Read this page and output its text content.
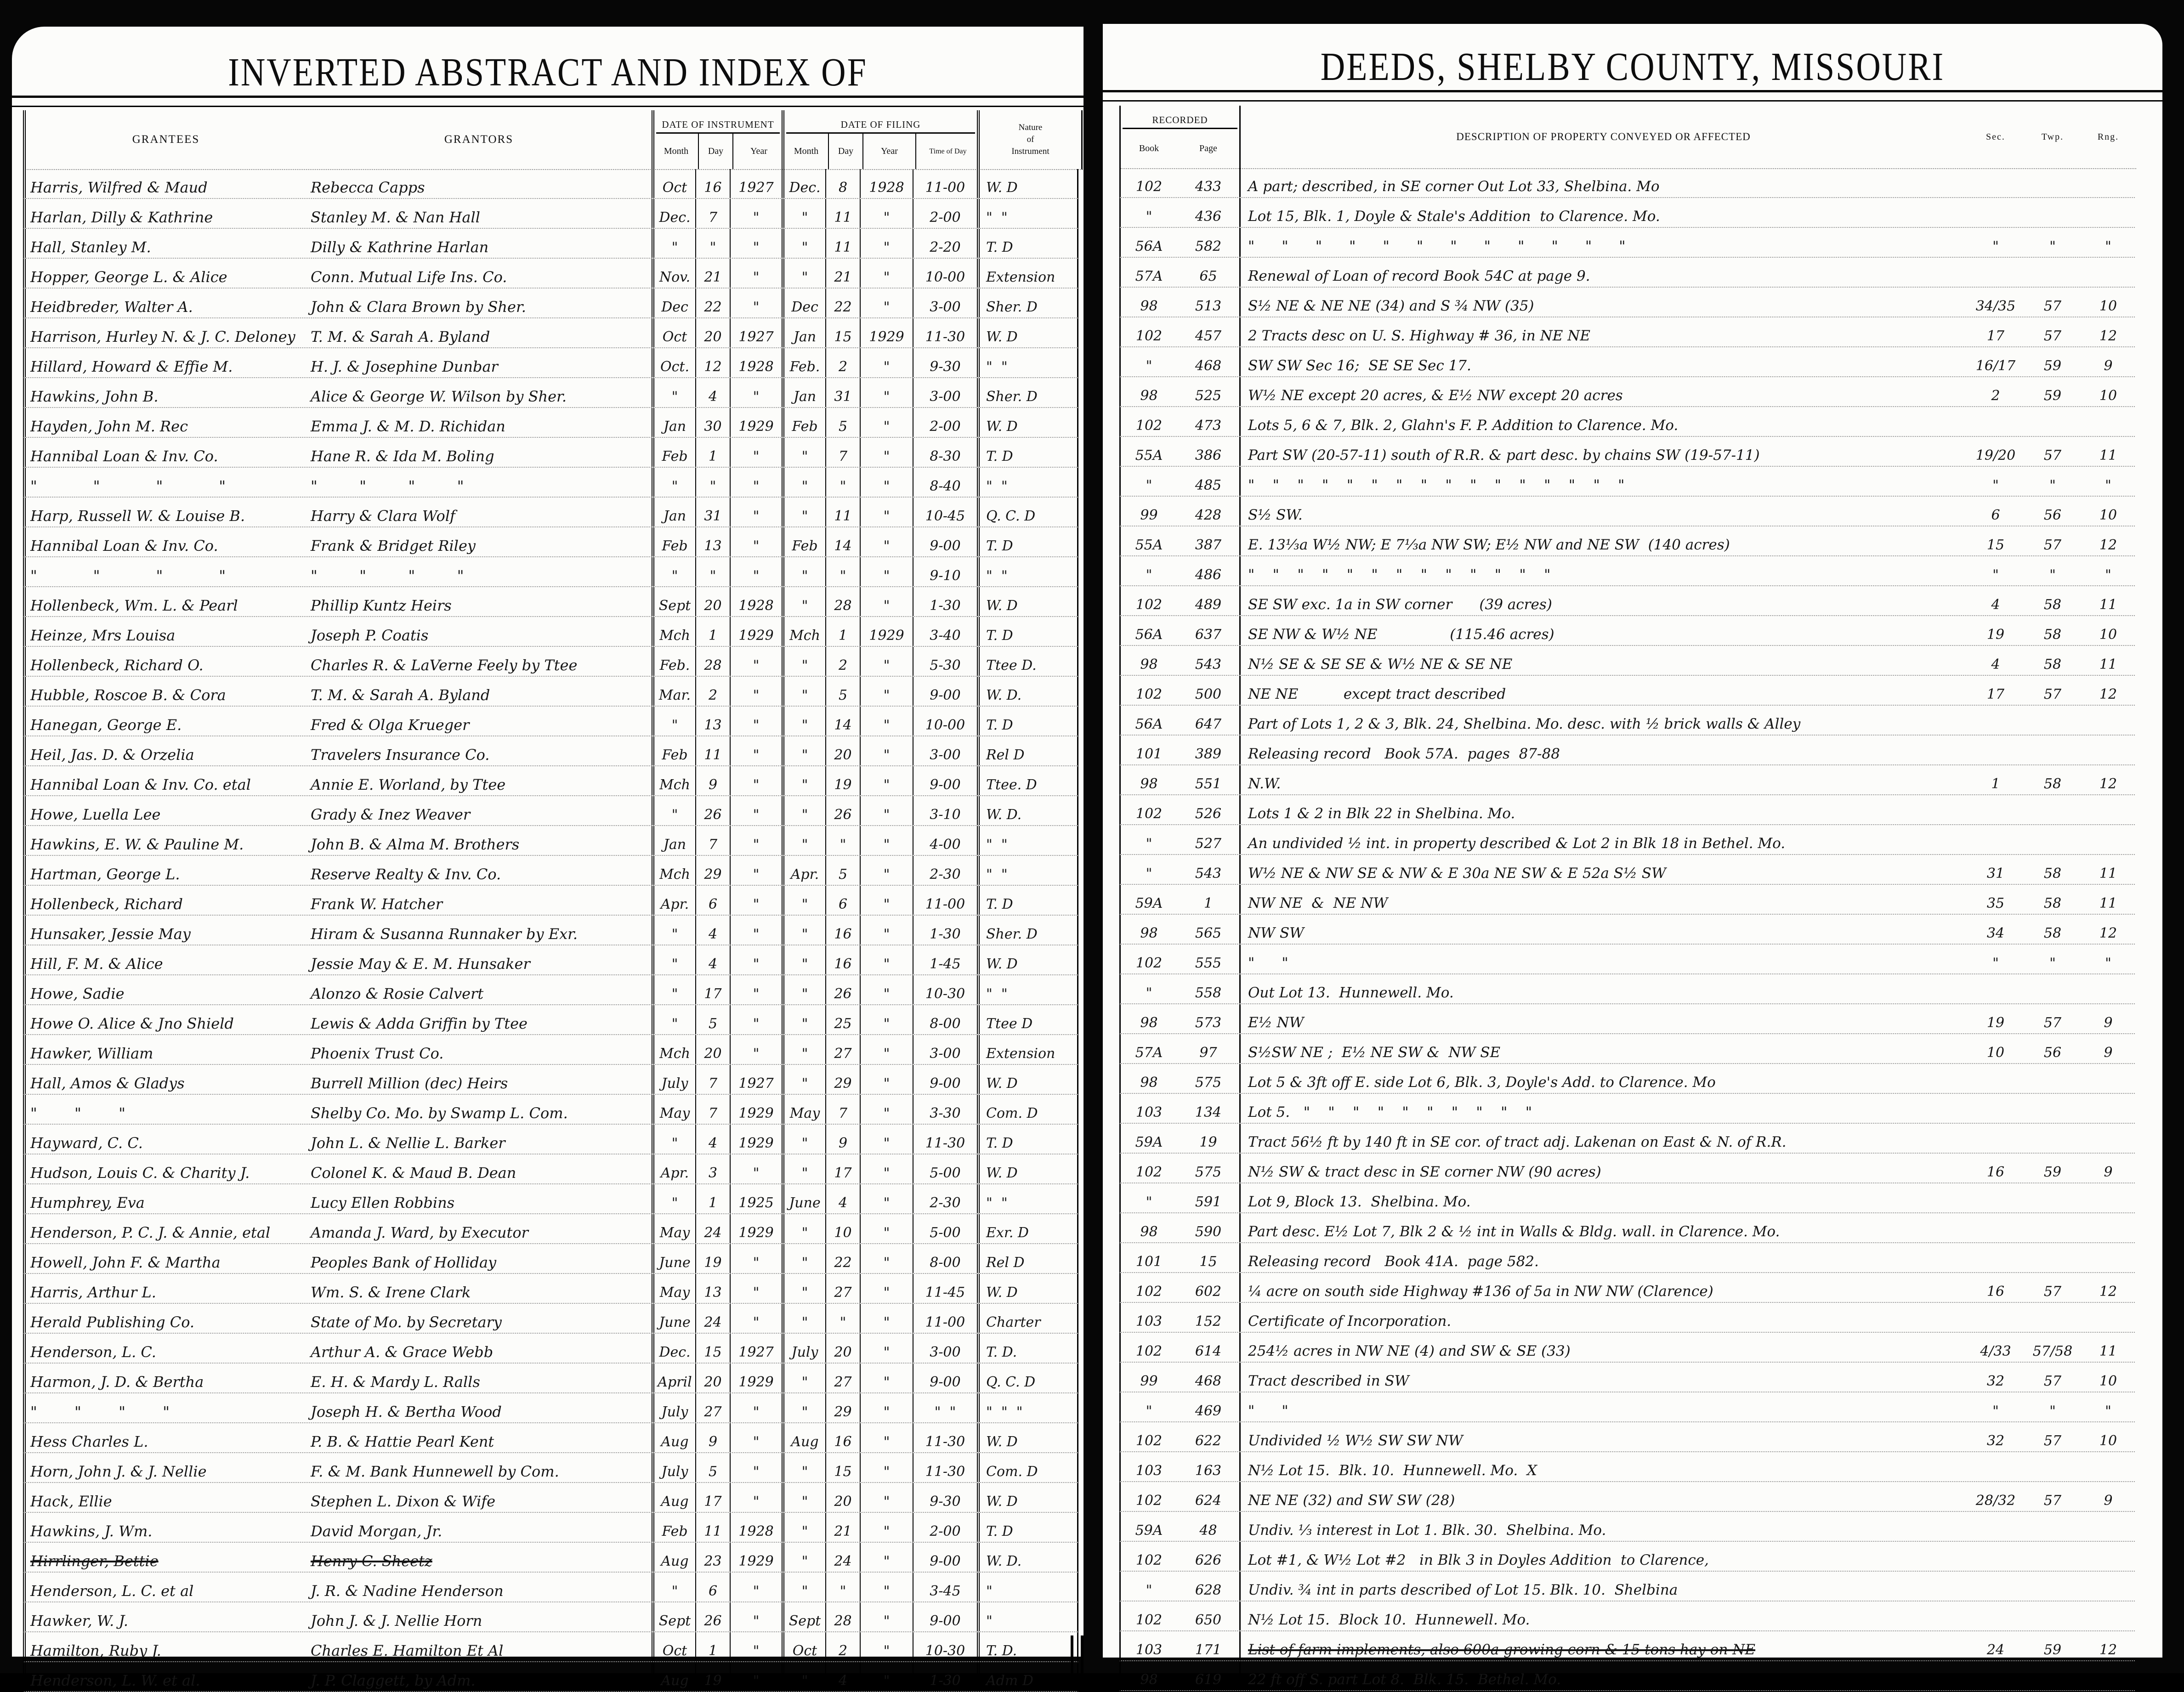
INVERTED ABSTRACT AND INDEX OF
GRANTEES	GRANTORS
DATE OF INSTRUMENT
Month	Day	Year
DATE OF FILING
Month	Day	Year	Time of Day
Nature
of
Instrument
Harris, Wilfred & Maud	Rebecca Capps	Oct	16	1927	Dec.	8	1928	11-00	W. D
Harlan, Dilly & Kathrine	Stanley M. & Nan Hall	Dec.	7	"	"	11	"	2-00	"  "
Hall, Stanley M.	Dilly & Kathrine Harlan	"	"	"	"	11	"	2-20	T. D
Hopper, George L. & Alice	Conn. Mutual Life Ins. Co.	Nov.	21	"	"	21	"	10-00	Extension
Heidbreder, Walter A.	John & Clara Brown by Sher.	Dec	22	"	Dec	22	"	3-00	Sher. D
Harrison, Hurley N. & J. C. Deloney	T. M. & Sarah A. Byland	Oct	20	1927	Jan	15	1929	11-30	W. D
Hillard, Howard & Effie M.	H. J. & Josephine Dunbar	Oct.	12	1928	Feb.	2	"	9-30	"  "
Hawkins, John B.	Alice & George W. Wilson by Sher.	"	4	"	Jan	31	"	3-00	Sher. D
Hayden, John M. Rec	Emma J. & M. D. Richidan	Jan	30	1929	Feb	5	"	2-00	W. D
Hannibal Loan & Inv. Co.	Hane R. & Ida M. Boling	Feb	1	"	"	7	"	8-30	T. D
"            "            "            "	"         "         "         "	"	"	"	"	"	"	8-40	"  "
Harp, Russell W. & Louise B.	Harry & Clara Wolf	Jan	31	"	"	11	"	10-45	Q. C. D
Hannibal Loan & Inv. Co.	Frank & Bridget Riley	Feb	13	"	Feb	14	"	9-00	T. D
"            "            "            "	"         "         "         "	"	"	"	"	"	"	9-10	"  "
Hollenbeck, Wm. L. & Pearl	Phillip Kuntz Heirs	Sept 20	1928	"	28	"	1-30	W. D
Heinze, Mrs Louisa	Joseph P. Coatis	Mch	1	1929	Mch	1	1929	3-40	T. D
Hollenbeck, Richard O.	Charles R. & LaVerne Feely by Ttee	Feb.	28	"	"	2	"	5-30	Ttee D.
Hubble, Roscoe B. & Cora	T. M. & Sarah A. Byland	Mar.	2	"	"	5	"	9-00	W. D.
Hanegan, George E.	Fred & Olga Krueger	"	13	"	"	14	"	10-00	T. D
Heil, Jas. D. & Orzelia	Travelers Insurance Co.	Feb	11	"	"	20	"	3-00	Rel D
Hannibal Loan & Inv. Co. etal	Annie E. Worland, by Ttee	Mch	9	"	"	19	"	9-00	Ttee. D
Howe, Luella Lee	Grady & Inez Weaver	"	26	"	"	26	"	3-10	W. D.
Hawkins, E. W. & Pauline M.	John B. & Alma M. Brothers	Jan	7	"	"	"	"	4-00	"  "
Hartman, George L.	Reserve Realty & Inv. Co.	Mch	29	"	Apr.	5	"	2-30	"  "
Hollenbeck, Richard	Frank W. Hatcher	Apr.	6	"	"	6	"	11-00	T. D
Hunsaker, Jessie May	Hiram & Susanna Runnaker by Exr.	"	4	"	"	16	"	1-30	Sher. D
Hill, F. M. & Alice	Jessie May & E. M. Hunsaker	"	4	"	"	16	"	1-45	W. D
Howe, Sadie	Alonzo & Rosie Calvert	"	17	"	"	26	"	10-30	"  "
Howe O. Alice & Jno Shield	Lewis & Adda Griffin by Ttee	"	5	"	"	25	"	8-00	Ttee D
Hawker, William	Phoenix Trust Co.	Mch	20	"	"	27	"	3-00	Extension
Hall, Amos & Gladys	Burrell Million (dec) Heirs	July	7	1927	"	29	"	9-00	W. D
"        "        "	Shelby Co. Mo. by Swamp L. Com.	May	7	1929	May	7	"	3-30	Com. D
Hayward, C. C.	John L. & Nellie L. Barker	"	4	1929	"	9	"	11-30	T. D
Hudson, Louis C. & Charity J.	Colonel K. & Maud B. Dean	Apr.	3	"	"	17	"	5-00	W. D
Humphrey, Eva	Lucy Ellen Robbins	"	1	1925	June	4	"	2-30	"  "
Henderson, P. C. J. & Annie, etal	Amanda J. Ward, by Executor	May	24	1929	"	10	"	5-00	Exr. D
Howell, John F. & Martha	Peoples Bank of Holliday	June 19	"	"	22	"	8-00	Rel D
Harris, Arthur L.	Wm. S. & Irene Clark	May	13	"	"	27	"	11-45	W. D
Herald Publishing Co.	State of Mo. by Secretary	June 24	"	"	"	"	11-00	Charter
Henderson, L. C.	Arthur A. & Grace Webb	Dec. 15	1927	July	20	"	3-00	T. D.
Harmon, J. D. & Bertha	E. H. & Mardy L. Ralls	April 20	1929	"	27	"	9-00	Q. C. D
"        "        "        "	Joseph H. & Bertha Wood	July	27	"	"	29	"	"  "	"  "  "
Hess Charles L.	P. B. & Hattie Pearl Kent	Aug	9	"	Aug	16	"	11-30	W. D
Horn, John J. & J. Nellie	F. & M. Bank Hunnewell by Com.	July	5	"	"	15	"	11-30	Com. D
Hack, Ellie	Stephen L. Dixon & Wife	Aug	17	"	"	20	"	9-30	W. D
Hawkins, J. Wm.	David Morgan, Jr.	Feb	11	1928	"	21	"	2-00	T. D
Hirrlinger, Bettie	Henry C. Sheetz	Aug	23	1929	"	24	"	9-00	W. D.
Henderson, L. C. et al	J. R. & Nadine Henderson	"	6	"	"	"	"	3-45	"
Hawker, W. J.	John J. & J. Nellie Horn	Sept 26	"	Sept 28	"	9-00	"
Hamilton, Ruby J.	Charles E. Hamilton Et Al	Oct	1	"	Oct	2	"	10-30	T. D.
Henderson, L. W. et al.	J. P. Claggett, by Adm.	Aug	19	"	"	4	"	1-30	Adm D
DEEDS, SHELBY COUNTY, MISSOURI
RECORDED
Book	Page
DESCRIPTION OF PROPERTY CONVEYED OR AFFECTED	Sec.	Twp.	Rng.
102	433	A part; described, in SE corner Out Lot 33, Shelbina. Mo
"	436	Lot 15, Blk. 1, Doyle & Stale's Addition  to Clarence. Mo.
56A	582	"      "      "      "      "      "      "      "      "      "      "      "	"	"	"
57A	65	Renewal of Loan of record Book 54C at page 9.
98	513	S½ NE & NE NE (34) and S ¾ NW (35)	34/35	57	10
102	457	2 Tracts desc on U. S. Highway # 36, in NE NE	17	57	12
"	468	SW SW Sec 16;  SE SE Sec 17.	16/17	59	9
98	525	W½ NE except 20 acres, & E½ NW except 20 acres	2	59	10
102	473	Lots 5, 6 & 7, Blk. 2, Glahn's F. P. Addition to Clarence. Mo.
55A	386	Part SW (20-57-11) south of R.R. & part desc. by chains SW (19-57-11)	19/20	57	11
"	485	"    "    "    "    "    "    "    "    "    "    "    "    "    "    "    "	"	"	"
99	428	S½ SW.	6	56	10
55A	387	E. 13⅓a W½ NW; E 7⅓a NW SW; E½ NW and NE SW  (140 acres)	15	57	12
"	486	"    "    "    "    "    "    "    "    "    "    "    "    "	"	"	"
102	489	SE SW exc. 1a in SW corner      (39 acres)	4	58	11
56A	637	SE NW & W½ NE                (115.46 acres)	19	58	10
98	543	N½ SE & SE SE & W½ NE & SE NE	4	58	11
102	500	NE NE          except tract described	17	57	12
56A	647	Part of Lots 1, 2 & 3, Blk. 24, Shelbina. Mo. desc. with ½ brick walls & Alley
101	389	Releasing record   Book 57A.  pages  87-88
98	551	N.W.	1	58	12
102	526	Lots 1 & 2 in Blk 22 in Shelbina. Mo.
"	527	An undivided ½ int. in property described & Lot 2 in Blk 18 in Bethel. Mo.
"	543	W½ NE & NW SE & NW & E 30a NE SW & E 52a S½ SW	31	58	11
59A	1	NW NE  &  NE NW	35	58	11
98	565	NW SW	34	58	12
102	555	"      "	"	"	"
"	558	Out Lot 13.  Hunnewell. Mo.
98	573	E½ NW	19	57	9
57A	97	S½SW NE ;  E½ NE SW &  NW SE	10	56	9
98	575	Lot 5 & 3ft off E. side Lot 6, Blk. 3, Doyle's Add. to Clarence. Mo
103	134	Lot 5.   "    "    "    "    "    "    "    "    "    "
59A	19	Tract 56½ ft by 140 ft in SE cor. of tract adj. Lakenan on East & N. of R.R.
102	575	N½ SW & tract desc in SE corner NW (90 acres)	16	59	9
"	591	Lot 9, Block 13.  Shelbina. Mo.
98	590	Part desc. E½ Lot 7, Blk 2 & ½ int in Walls & Bldg. wall. in Clarence. Mo.
101	15	Releasing record   Book 41A.  page 582.
102	602	¼ acre on south side Highway #136 of 5a in NW NW (Clarence)	16	57	12
103	152	Certificate of Incorporation.
102	614	254½ acres in NW NE (4) and SW & SE (33)	4/33	57/58	11
99	468	Tract described in SW	32	57	10
"	469	"      "	"	"	"
102	622	Undivided ½ W½ SW SW NW	32	57	10
103	163	N½ Lot 15.  Blk. 10.  Hunnewell. Mo.  X
102	624	NE NE (32) and SW SW (28)	28/32	57	9
59A	48	Undiv. ⅓ interest in Lot 1. Blk. 30.  Shelbina. Mo.
102	626	Lot #1, & W½ Lot #2   in Blk 3 in Doyles Addition  to Clarence,
"	628	Undiv. ¾ int in parts described of Lot 15. Blk. 10.  Shelbina
102	650	N½ Lot 15.  Block 10.  Hunnewell. Mo.
103	171	List of farm implements, also 600a growing corn & 15 tons hay on NE	24	59	12
98	619	22 ft off S. part Lot 8.  Blk. 15.  Bethel. Mo.
